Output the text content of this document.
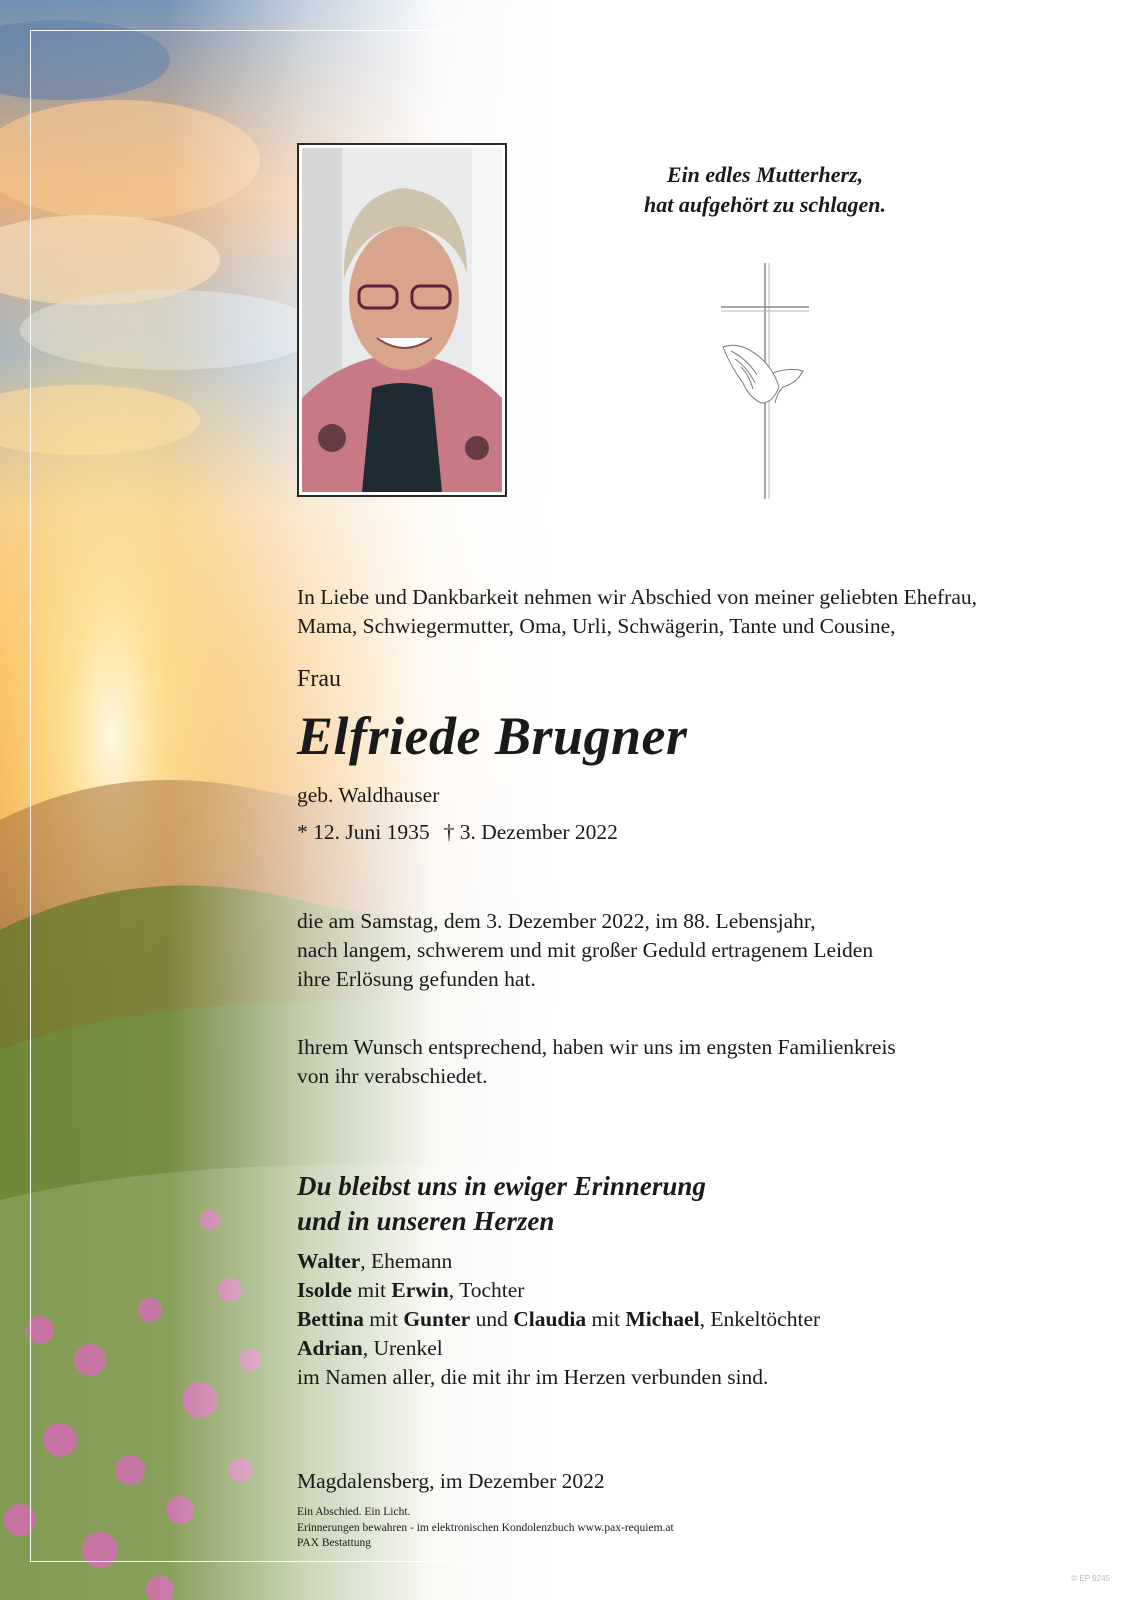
Ein edles Mutterherz,
hat aufgehört zu schlagen.
In Liebe und Dankbarkeit nehmen wir Abschied von meiner geliebten Ehefrau,
Mama, Schwiegermutter, Oma, Urli, Schwägerin, Tante und Cousine,
Frau
Elfriede Brugner
geb. Waldhauser
* 12. Juni 1935 † 3. Dezember 2022
die am Samstag, dem 3. Dezember 2022, im 88. Lebensjahr,
nach langem, schwerem und mit großer Geduld ertragenem Leiden
ihre Erlösung gefunden hat.
Ihrem Wunsch entsprechend, haben wir uns im engsten Familienkreis
von ihr verabschiedet.
Du bleibst uns in ewiger Erinnerung
und in unseren Herzen
Walter, Ehemann
Isolde mit Erwin, Tochter
Bettina mit Gunter und Claudia mit Michael, Enkeltöchter
Adrian, Urenkel
im Namen aller, die mit ihr im Herzen verbunden sind.
Magdalensberg, im Dezember 2022
Ein Abschied. Ein Licht.
Erinnerungen bewahren - im elektronischen Kondolenzbuch www.pax-requiem.at
PAX Bestattung
© EP 9245
